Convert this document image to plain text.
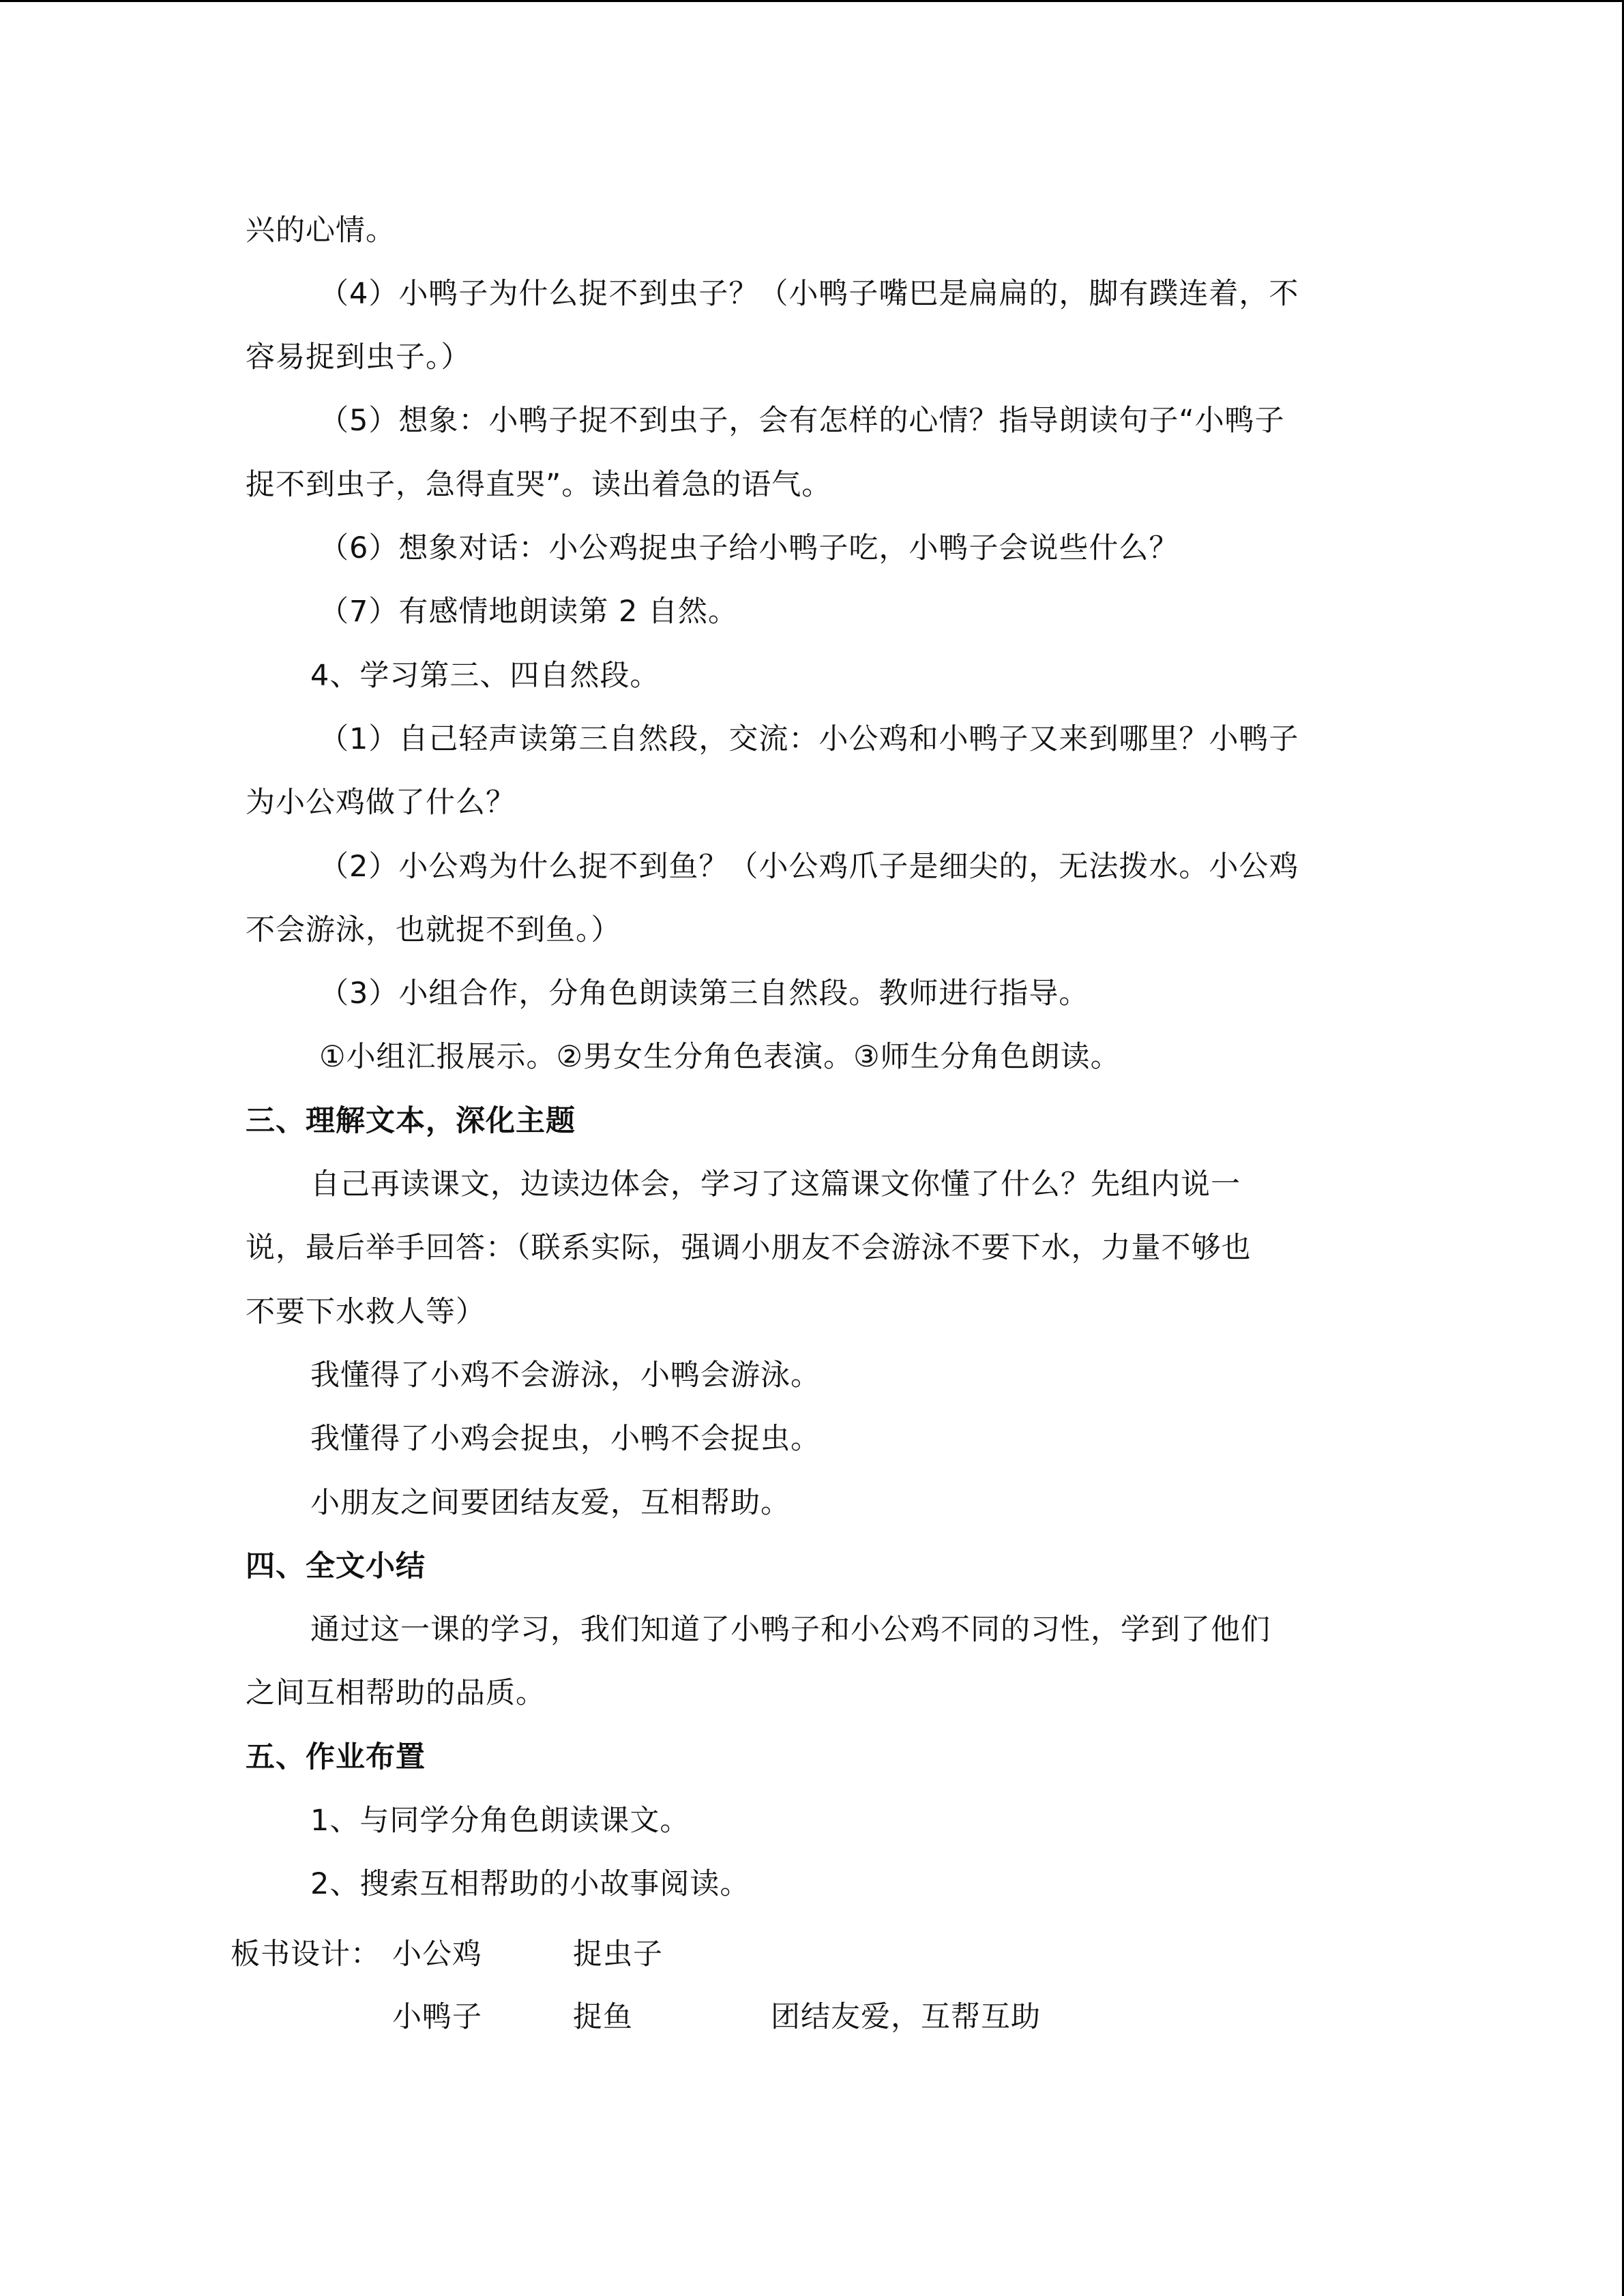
兴的心情。
（4）小鸭子为什么捉不到虫子？（小鸭子嘴巴是扁扁的，脚有蹼连着，不
容易捉到虫子。）
（5）想象：小鸭子捉不到虫子，会有怎样的心情？指导朗读句子“小鸭子
捉不到虫子，急得直哭”。读出着急的语气。
（6）想象对话：小公鸡捉虫子给小鸭子吃，小鸭子会说些什么？
（7）有感情地朗读第 2 自然。
4、学习第三、四自然段。
（1）自己轻声读第三自然段，交流：小公鸡和小鸭子又来到哪里？小鸭子
为小公鸡做了什么？
（2）小公鸡为什么捉不到鱼？（小公鸡爪子是细尖的，无法拨水。小公鸡
不会游泳，也就捉不到鱼。）
（3）小组合作，分角色朗读第三自然段。教师进行指导。
①小组汇报展示。②男女生分角色表演。③师生分角色朗读。
三、理解文本，深化主题
自己再读课文，边读边体会，学习了这篇课文你懂了什么？先组内说一
说，最后举手回答：（联系实际，强调小朋友不会游泳不要下水，力量不够也
不要下水救人等）
我懂得了小鸡不会游泳，小鸭会游泳。
我懂得了小鸡会捉虫，小鸭不会捉虫。
小朋友之间要团结友爱，互相帮助。
四、全文小结
通过这一课的学习，我们知道了小鸭子和小公鸡不同的习性，学到了他们
之间互相帮助的品质。
五、作业布置
1、与同学分角色朗读课文。
2、搜索互相帮助的小故事阅读。
板书设计： 小公鸡	捉虫子
小鸭子	捉鱼	团结友爱，互帮互助
